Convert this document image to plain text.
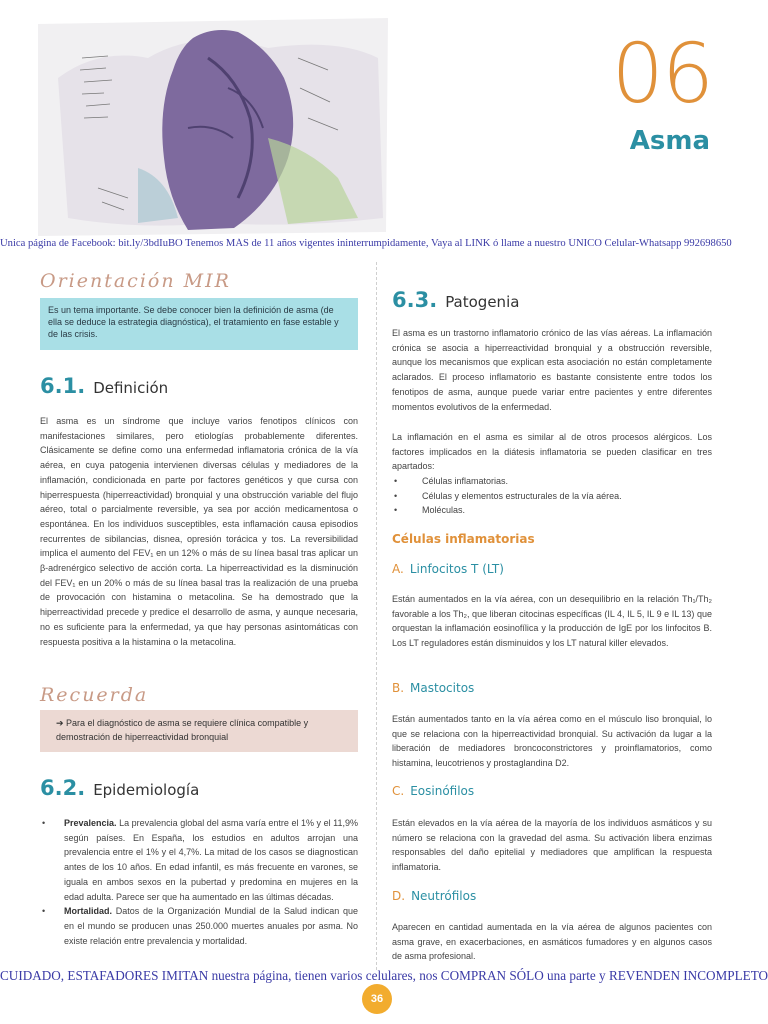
06
Asma
Única página de Facebook: bit.ly/3bdIuBO Tenemos MÁS de 11 años vigentes ininterrumpidamente, Vaya al LINK ó llame a nuestro ÚNICO Celular-Whatsapp 992698650
Orientación MIR
Es un tema importante. Se debe conocer bien la definición de asma (de ella se deduce la estrategia diagnóstica), el tratamiento en fase estable y de las crisis.
6.1. Definición

El asma es un síndrome que incluye varios fenotipos clínicos con manifestaciones similares, pero etiologías probablemente diferentes. Clásicamente se define como una enfermedad inflamatoria crónica de la vía aérea, en cuya patogenia intervienen diversas células y mediadores de la inflamación, condicionada en parte por factores genéticos y que cursa con hiperrespuesta (hiperreactividad) bronquial y una obstrucción variable del flujo aéreo, total o parcialmente reversible, ya sea por acción medicamentosa o espontánea. En los individuos susceptibles, esta inflamación causa episodios recurrentes de sibilancias, disnea, opresión torácica y tos. La reversibilidad implica el aumento del FEV₁ en un 12% o más de su línea basal tras aplicar un β-adrenérgico selectivo de acción corta. La hiperreactividad es la disminución del FEV₁ en un 20% o más de su línea basal tras la realización de una prueba de provocación con histamina o metacolina. Se ha demostrado que la hiperreactividad precede y predice el desarrollo de asma, y aunque necesaria, no es suficiente para la enfermedad, ya que hay personas asintomáticas con respuesta positiva a la histamina o la metacolina.

Recuerda
➔ Para el diagnóstico de asma se requiere clínica compatible y demostración de hiperreactividad bronquial
6.2. Epidemiología
• Prevalencia. La prevalencia global del asma varía entre el 1% y el 11,9% según países. En España, los estudios en adultos arrojan una prevalencia entre el 1% y el 4,7%. La mitad de los casos se diagnostican antes de los 10 años. En edad infantil, es más frecuente en varones, se iguala en ambos sexos en la pubertad y predomina en mujeres en la edad adulta. Parece ser que ha aumentado en las últimas décadas.
• Mortalidad. Datos de la Organización Mundial de la Salud indican que en el mundo se producen unas 250.000 muertes anuales por asma. No existe relación entre prevalencia y mortalidad.
6.3. Patogenia

El asma es un trastorno inflamatorio crónico de las vías aéreas. La inflamación crónica se asocia a hiperreactividad bronquial y a obstrucción reversible, aunque los mecanismos que explican esta asociación no están completamente aclarados. El proceso inflamatorio es bastante consistente entre todos los fenotipos de asma, aunque puede variar entre pacientes y entre diferentes momentos evolutivos de la enfermedad.

La inflamación en el asma es similar al de otros procesos alérgicos. Los factores implicados en la diátesis inflamatoria se pueden clasificar en tres apartados:

•	Células inflamatorias.
•	Células y elementos estructurales de la vía aérea.
•	Moléculas.
Células inflamatorias
A. Linfocitos T (LT)

Están aumentados en la vía aérea, con un desequilibrio en la relación Th₁/Th₂ favorable a los Th₂, que liberan citocinas específicas (IL 4, IL 5, IL 9 e IL 13) que orquestan la inflamación eosinofílica y la producción de IgE por los linfocitos B. Los LT reguladores están disminuidos y los LT natural killer elevados.

B. Mastocitos

Están aumentados tanto en la vía aérea como en el músculo liso bronquial, lo que se relaciona con la hiperreactividad bronquial. Su activación da lugar a la liberación de mediadores broncoconstrictores y proinflamatorios, como histamina, leucotrienos y prostaglandina D2.

C. Eosinófilos

Están elevados en la vía aérea de la mayoría de los individuos asmáticos y su número se relaciona con la gravedad del asma. Su activación libera enzimas responsables del daño epitelial y mediadores que amplifican la respuesta inflamatoria.

D. Neutrófilos

Aparecen en cantidad aumentada en la vía aérea de algunos pacientes con asma grave, en exacerbaciones, en asmáticos fumadores y en algunos casos de asma profesional.

CUIDADO, ESTAFADORES IMITAN nuestra página, tienen varios celulares, nos COMPRAN SÓLO una parte y REVENDEN INCOMPLETO
36
